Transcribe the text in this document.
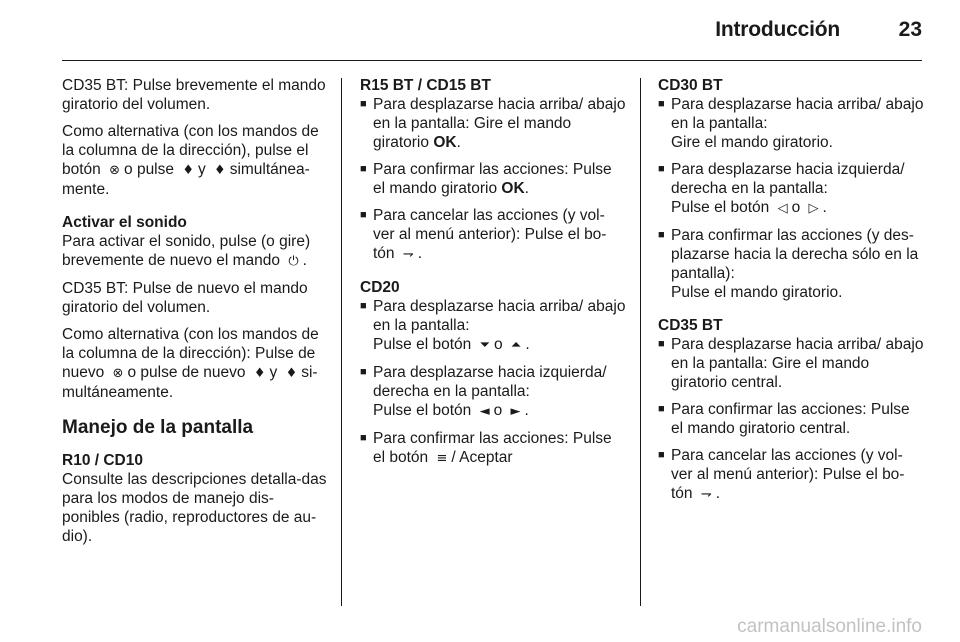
Introducción	23

CD35 BT: Pulse brevemente el mando giratorio del volumen.

Como alternativa (con los mandos de la columna de la dirección), pulse el botón ⊗ o pulse ♦ y ♦ simultánea-mente.

Activar el sonido

Para activar el sonido, pulse (o gire) brevemente de nuevo el mando ⏻ .

CD35 BT: Pulse de nuevo el mando giratorio del volumen.

Como alternativa (con los mandos de la columna de la dirección): Pulse de nuevo ⊗ o pulse de nuevo ♦ y ♦ si-multáneamente.

Manejo de la pantalla
R10 / CD10

Consulte las descripciones detalla-das para los modos de manejo dis-ponibles (radio, reproductores de au-dio).

R15 BT / CD15 BT
■ Para desplazarse hacia arriba/ abajo en la pantalla: Gire el mando giratorio OK.
■ Para confirmar las acciones: Pulse el mando giratorio OK.
■ Para cancelar las acciones (y vol-ver al menú anterior): Pulse el bo-tón ⇁ .
CD20
■ Para desplazarse hacia arriba/ abajo en la pantalla:
Pulse el botón ⏷ o ⏶ .
■ Para desplazarse hacia izquierda/ derecha en la pantalla:
Pulse el botón ◄ o ► .
■ Para confirmar las acciones: Pulse el botón ≡ / Aceptar
CD30 BT
■ Para desplazarse hacia arriba/ abajo en la pantalla:
Gire el mando giratorio.
■ Para desplazarse hacia izquierda/ derecha en la pantalla:
Pulse el botón ◁ o ▷ .
■ Para confirmar las acciones (y des-plazarse hacia la derecha sólo en la pantalla):
Pulse el mando giratorio.
CD35 BT
■ Para desplazarse hacia arriba/ abajo en la pantalla: Gire el mando giratorio central.
■ Para confirmar las acciones: Pulse el mando giratorio central.
■ Para cancelar las acciones (y vol-ver al menú anterior): Pulse el bo-tón ⇁ .
carmanualsonline.info
